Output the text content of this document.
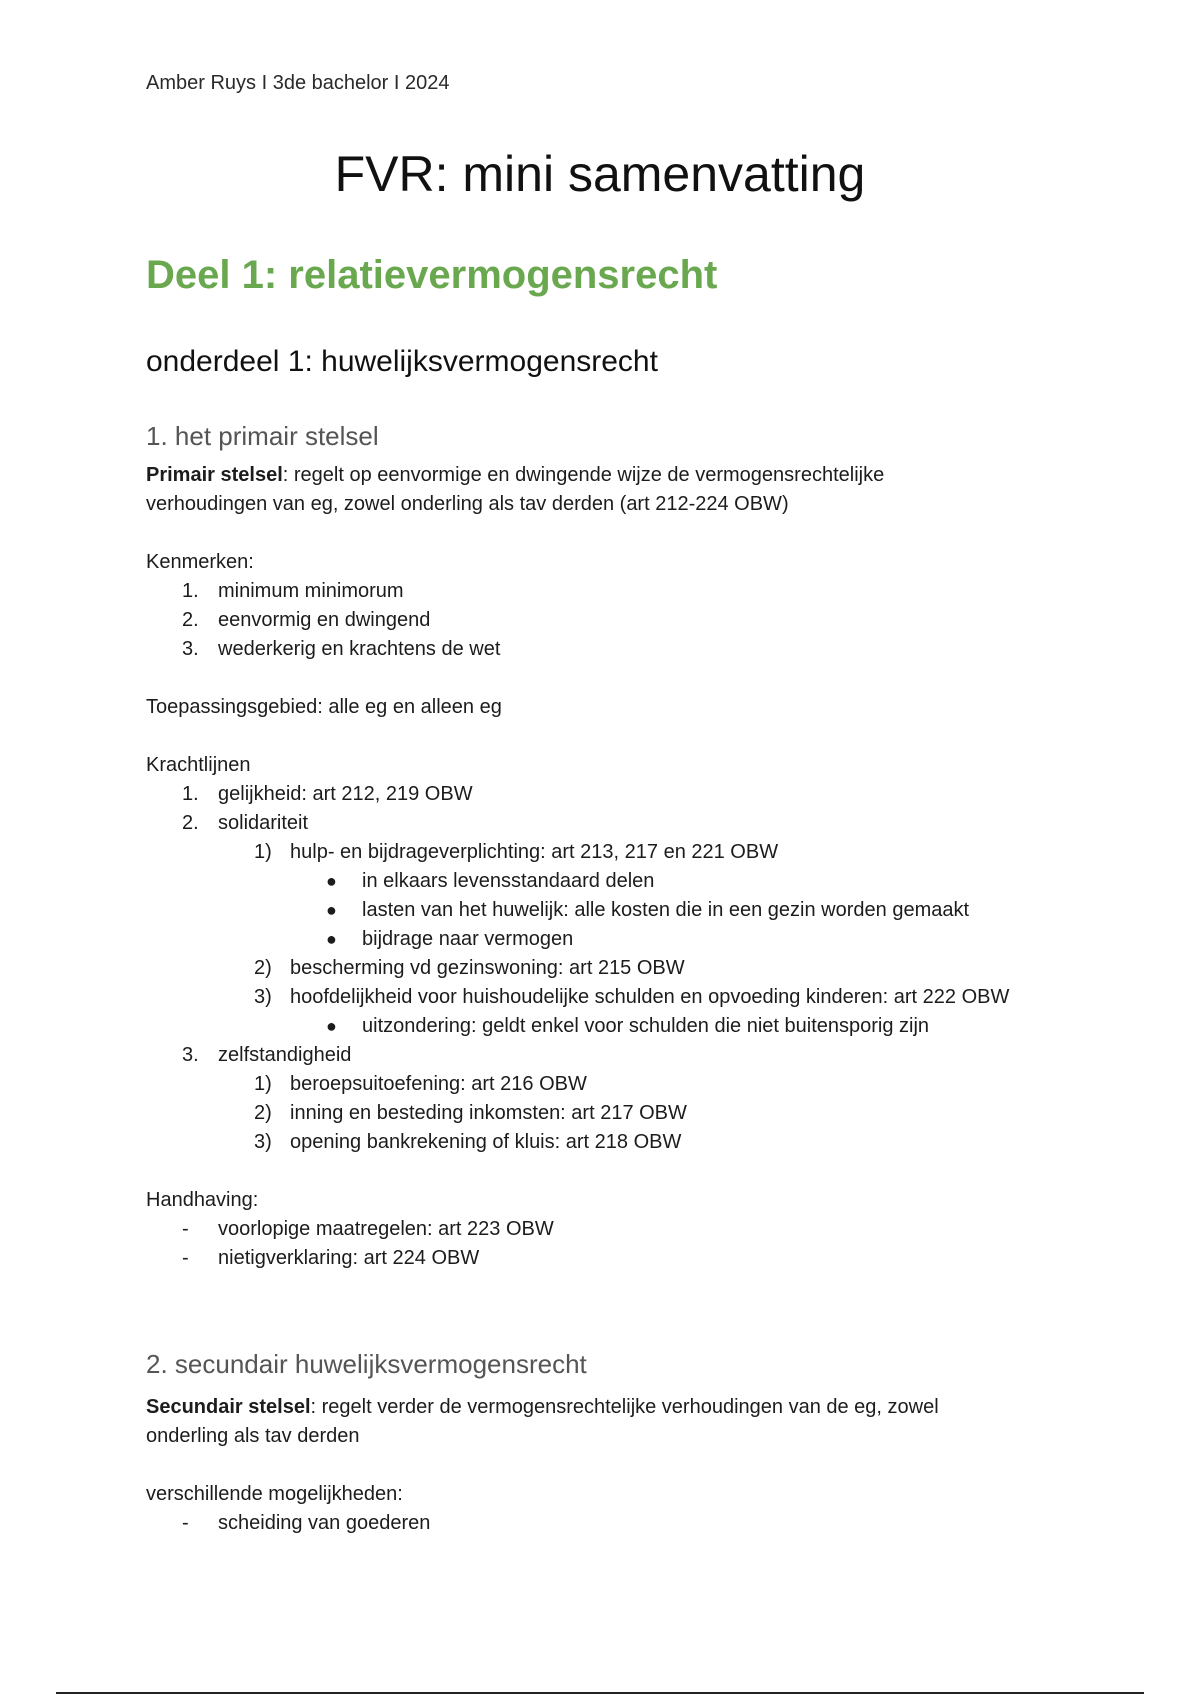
Amber Ruys I 3de bachelor I 2024
FVR: mini samenvatting
Deel 1: relatievermogensrecht
onderdeel 1: huwelijksvermogensrecht
1. het primair stelsel

Primair stelsel: regelt op eenvormige en dwingende wijze de vermogensrechtelijke

verhoudingen van eg, zowel onderling als tav derden (art 212-224 OBW)

Kenmerken:

1. minimum minimorum
2. eenvormig en dwingend
3. wederkerig en krachtens de wet

Toepassingsgebied: alle eg en alleen eg

Krachtlijnen

1. gelijkheid: art 212, 219 OBW
2. solidariteit
1) hulp- en bijdrageverplichting: art 213, 217 en 221 OBW
● in elkaars levensstandaard delen
● lasten van het huwelijk: alle kosten die in een gezin worden gemaakt
● bijdrage naar vermogen
2) bescherming vd gezinswoning: art 215 OBW
3) hoofdelijkheid voor huishoudelijke schulden en opvoeding kinderen: art 222 OBW
● uitzondering: geldt enkel voor schulden die niet buitensporig zijn
3. zelfstandigheid
1) beroepsuitoefening: art 216 OBW
2) inning en besteding inkomsten: art 217 OBW
3) opening bankrekening of kluis: art 218 OBW

Handhaving:

- voorlopige maatregelen: art 223 OBW
- nietigverklaring: art 224 OBW
2. secundair huwelijksvermogensrecht

Secundair stelsel: regelt verder de vermogensrechtelijke verhoudingen van de eg, zowel

onderling als tav derden

verschillende mogelijkheden:

- scheiding van goederen
